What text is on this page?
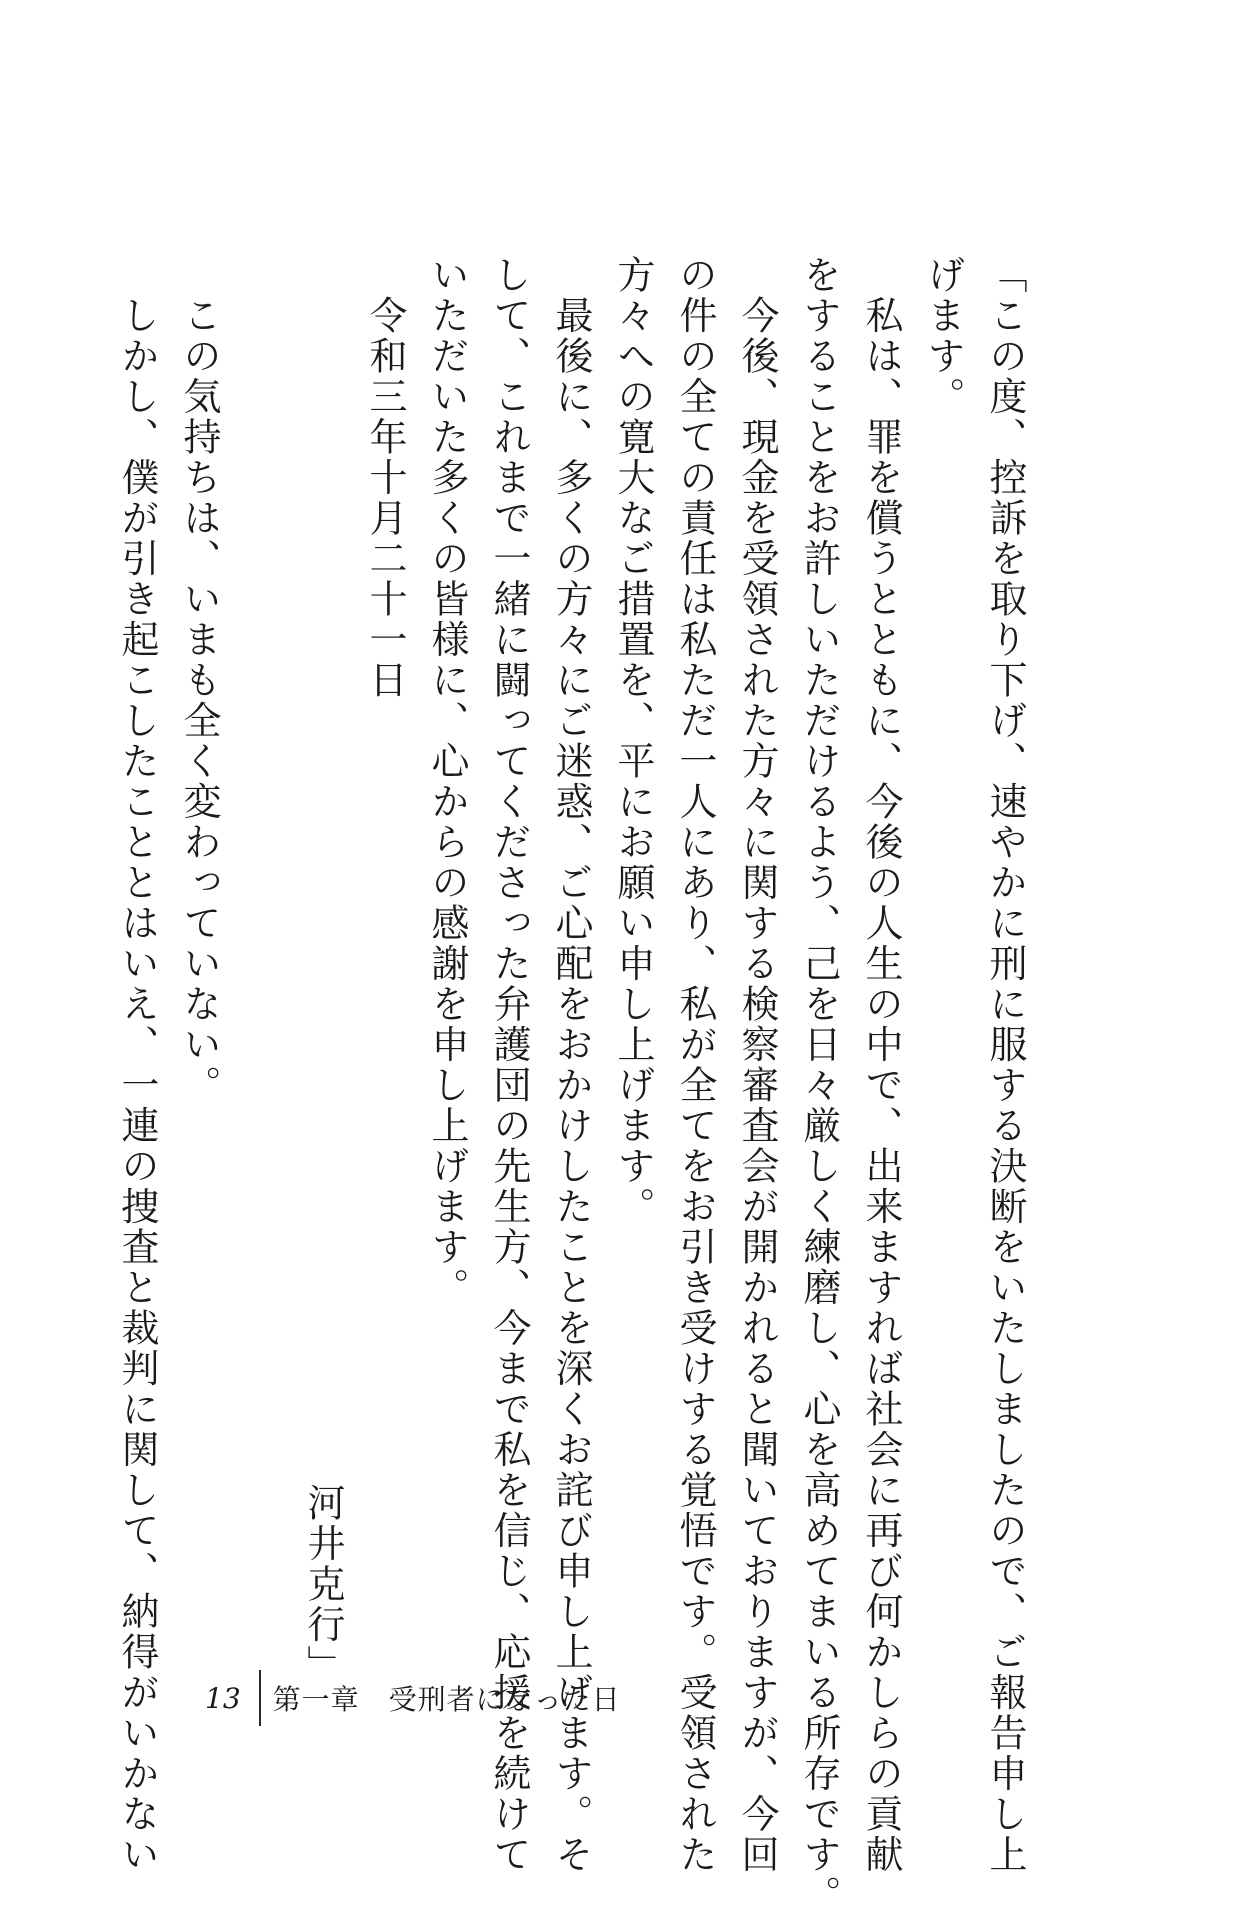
「この度、控訴を取り下げ、速やかに刑に服する決断をいたしましたので、ご報告申し上
げます。
　私は、罪を償うとともに、今後の人生の中で、出来ますれば社会に再び何かしらの貢献
をすることをお許しいただけるよう、己を日々厳しく練磨し、心を高めてまいる所存です。
　今後、現金を受領された方々に関する検察審査会が開かれると聞いておりますが、今回
の件の全ての責任は私ただ一人にあり、私が全てをお引き受けする覚悟です。受領された
方々への寛大なご措置を、平にお願い申し上げます。
　最後に、多くの方々にご迷惑、ご心配をおかけしたことを深くお詫び申し上げます。そ
して、これまで一緒に闘ってくださった弁護団の先生方、今まで私を信じ、応援を続けて
いただいた多くの皆様に、心からの感謝を申し上げます。
　令和三年十月二十一日
河井克行」
　この気持ちは、いまも全く変わっていない。
　しかし、僕が引き起こしたこととはいえ、一連の捜査と裁判に関して、納得がいかない	13 第一章　受刑者になった日
